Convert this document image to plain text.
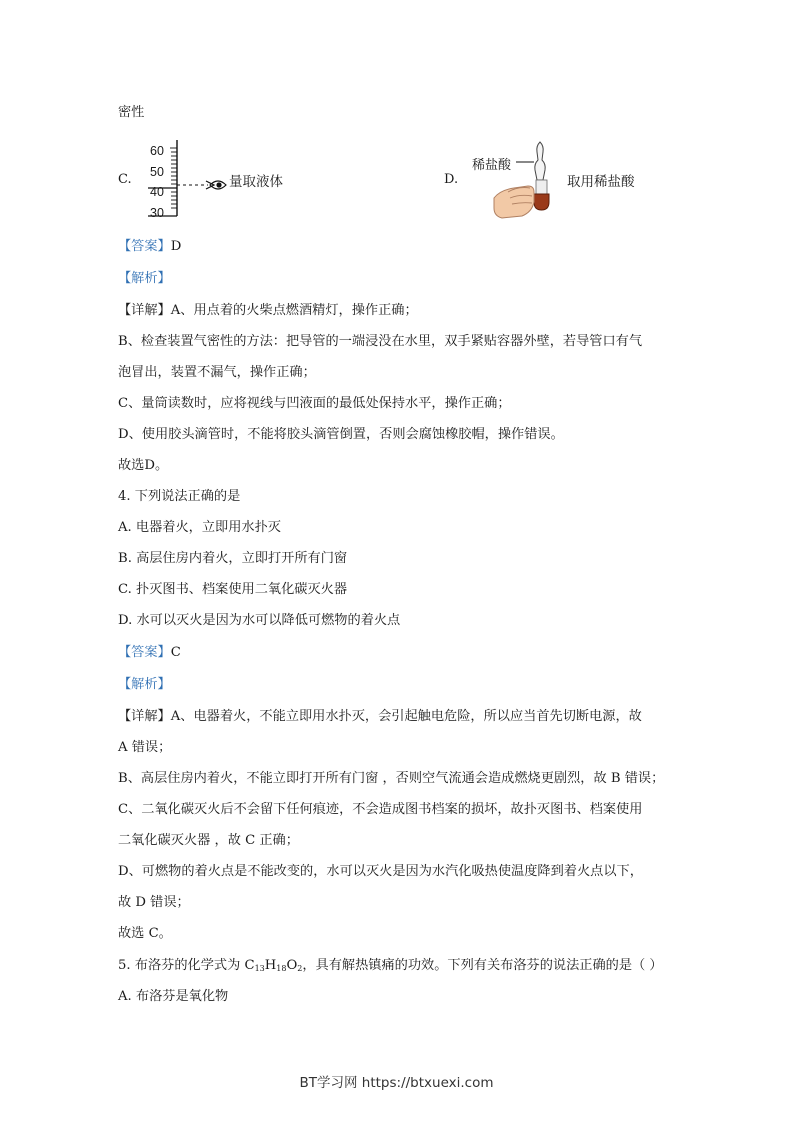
密性
C.
60
50
40
30
量取液体	D.
稀盐酸
取用稀盐酸
【答案】D
【解析】
【详解】A、用点着的火柴点燃酒精灯，操作正确；
B、检查装置气密性的方法：把导管的一端浸没在水里，双手紧贴容器外壁，若导管口有气
泡冒出，装置不漏气，操作正确；
C、量筒读数时，应将视线与凹液面的最低处保持水平，操作正确；
D、使用胶头滴管时，不能将胶头滴管倒置，否则会腐蚀橡胶帽，操作错误。
故选D。
4. 下列说法正确的是
A. 电器着火，立即用水扑灭
B. 高层住房内着火，立即打开所有门窗
C. 扑灭图书、档案使用二氧化碳灭火器
D. 水可以灭火是因为水可以降低可燃物的着火点
【答案】C
【解析】
【详解】A、电器着火，不能立即用水扑灭，会引起触电危险，所以应当首先切断电源，故
A 错误；
B、高层住房内着火，不能立即打开所有门窗 ，否则空气流通会造成燃烧更剧烈，故 B 错误；
C、二氧化碳灭火后不会留下任何痕迹，不会造成图书档案的损坏，故扑灭图书、档案使用
二氧化碳灭火器 ，故 C 正确；
D、可燃物的着火点是不能改变的，水可以灭火是因为水汽化吸热使温度降到着火点以下，
故 D 错误；
故选 C。
5. 布洛芬的化学式为 $C_{13}H_{18}O_2$，具有解热镇痛的功效。下列有关布洛芬的说法正确的是（ ）
A. 布洛芬是氧化物
BT学习网 https://btxuexi.com
